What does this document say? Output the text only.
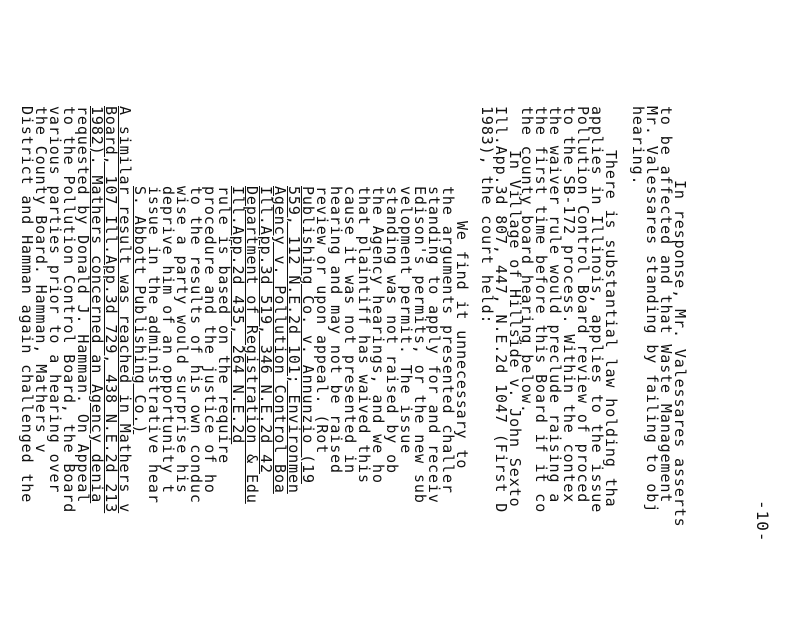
-10-
In response, Mr. Valessares asserts
to be affected and that Waste Management
Mr. Valessares standing by failing to obj
hearing.
There is substantial law holding tha
applies in Illinois, applies to the issue
Pollution Control Board review of proced
to the SB-172 process. Within the contex
the waiver rule would preclude raising a
the first time before this Board if it co
the county board hearing below.
In Village of Hillside v. John Sexto
Ill.App.3d 807, 447, N.E.2d 1047 (First D
1983), the court held:
We find it unnecessary to
the arguments presented challer
standing to apply for and receiv
Edison's permits, or the new sub
velopment permit. The issue
standing was not raised by ob
the Agency hearings, and we ho
that plaintiff has waived this
cause it was not presented in
hearing and may not be raised
review or upon appeal. (Rot
Publishing Co. v. Annunzio (19
559, 112 N.E.2d 101; Environmen
Agency v. Pollution Control Boa
Ill.App.3d 519, 346 N.E.2d 42
Department of Registration & Edu
Ill.App.2d 435, 264 N.E.2d
rule is based on the require
procedure and the justice of ho
to the results of his own conduc
wise a party would surprise his
deprive him of an opportunity t
issue in the administrative hear
S. Abbott Publishing Co.)
A similar result was reached in Mathers v
Board, 107 Ill.App.3d 729, 438 N.E.2d 213
1982). Mathers concerned an Agency denia
requested by Donald J. Hamman. On Appeal
to the Pollution Control Board, the Board
various parties prior to a hearing over
the County Board. Hamman, Mathers v
District and Hamman again challenged the
